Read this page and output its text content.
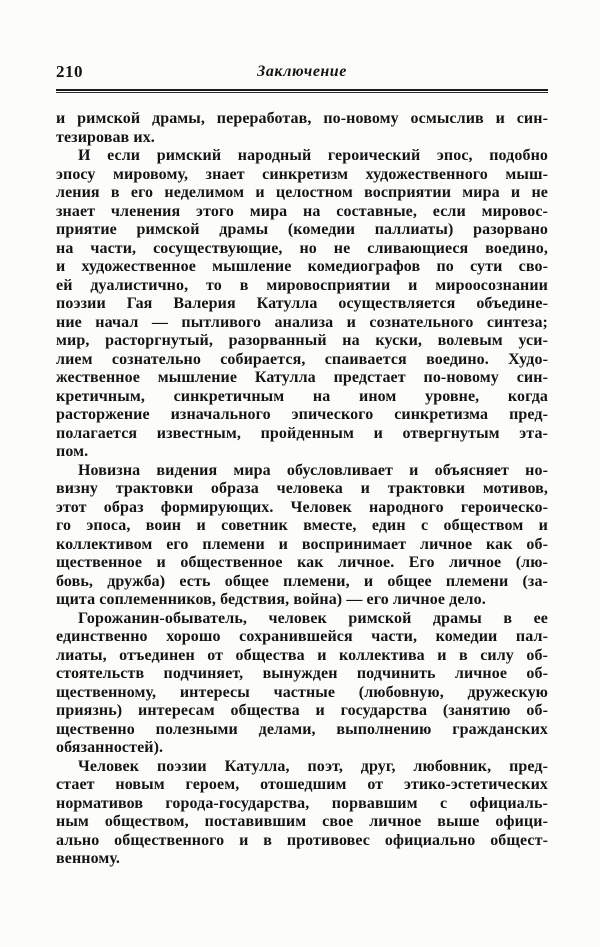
210	Заключение
и римской драмы, переработав, по-новому осмыслив и син-
тезировав их.
И если римский народный героический эпос, подобно
эпосу мировому, знает синкретизм художественного мыш-
ления в его неделимом и целостном восприятии мира и не
знает членения этого мира на составные, если мировос-
приятие римской драмы (комедии паллиаты) разорвано
на части, сосуществующие, но не сливающиеся воедино,
и художественное мышление комедиографов по сути сво-
ей дуалистично, то в мировосприятии и мироосознании
поэзии Гая Валерия Катулла осуществляется объедине-
ние начал — пытливого анализа и сознательного синтеза;
мир, расторгнутый, разорванный на куски, волевым уси-
лием сознательно собирается, спаивается воедино. Худо-
жественное мышление Катулла предстает по-новому син-
кретичным, синкретичным на ином уровне, когда
расторжение изначального эпического синкретизма пред-
полагается известным, пройденным и отвергнутым эта-
пом.
Новизна видения мира обусловливает и объясняет но-
визну трактовки образа человека и трактовки мотивов,
этот образ формирующих. Человек народного героическо-
го эпоса, воин и советник вместе, един с обществом и
коллективом его племени и воспринимает личное как об-
щественное и общественное как личное. Его личное (лю-
бовь, дружба) есть общее племени, и общее племени (за-
щита соплеменников, бедствия, война) — его личное дело.
Горожанин-обыватель, человек римской драмы в ее
единственно хорошо сохранившейся части, комедии пал-
лиаты, отъединен от общества и коллектива и в силу об-
стоятельств подчиняет, вынужден подчинить личное об-
щественному, интересы частные (любовную, дружескую
приязнь) интересам общества и государства (занятию об-
щественно полезными делами, выполнению гражданских
обязанностей).
Человек поэзии Катулла, поэт, друг, любовник, пред-
стает новым героем, отошедшим от этико-эстетических
нормативов города-государства, порвавшим с официаль-
ным обществом, поставившим свое личное выше офици-
ально общественного и в противовес официально общест-
венному.
